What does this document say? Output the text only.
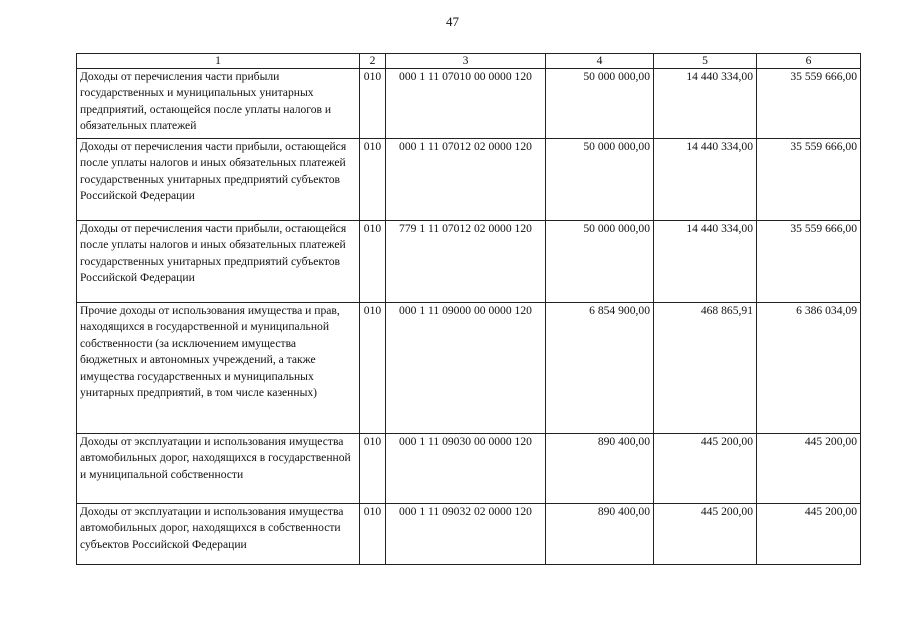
47
1	2	3	4	5	6
Доходы от перечисления части прибыли государственных и муниципальных унитарных предприятий, остающейся после уплаты налогов и обязательных платежей	010	000 1 11 07010 00 0000 120	50 000 000,00	14 440 334,00	35 559 666,00
Доходы от перечисления части прибыли, остающейся после уплаты налогов и иных обязательных платежей государственных унитарных предприятий субъектов Российской Федерации	010	000 1 11 07012 02 0000 120	50 000 000,00	14 440 334,00	35 559 666,00
Доходы от перечисления части прибыли, остающейся после уплаты налогов и иных обязательных платежей государственных унитарных предприятий субъектов Российской Федерации	010	779 1 11 07012 02 0000 120	50 000 000,00	14 440 334,00	35 559 666,00
Прочие доходы от использования имущества и прав, находящихся в государственной и муниципальной собственности (за исключением имущества бюджетных и автономных учреждений, а также имущества государственных и муниципальных унитарных предприятий, в том числе казенных)	010	000 1 11 09000 00 0000 120	6 854 900,00	468 865,91	6 386 034,09
Доходы от эксплуатации и использования имущества автомобильных дорог, находящихся в государственной и муниципальной собственности	010	000 1 11 09030 00 0000 120	890 400,00	445 200,00	445 200,00
Доходы от эксплуатации и использования имущества автомобильных дорог, находящихся в собственности субъектов Российской Федерации	010	000 1 11 09032 02 0000 120	890 400,00	445 200,00	445 200,00
